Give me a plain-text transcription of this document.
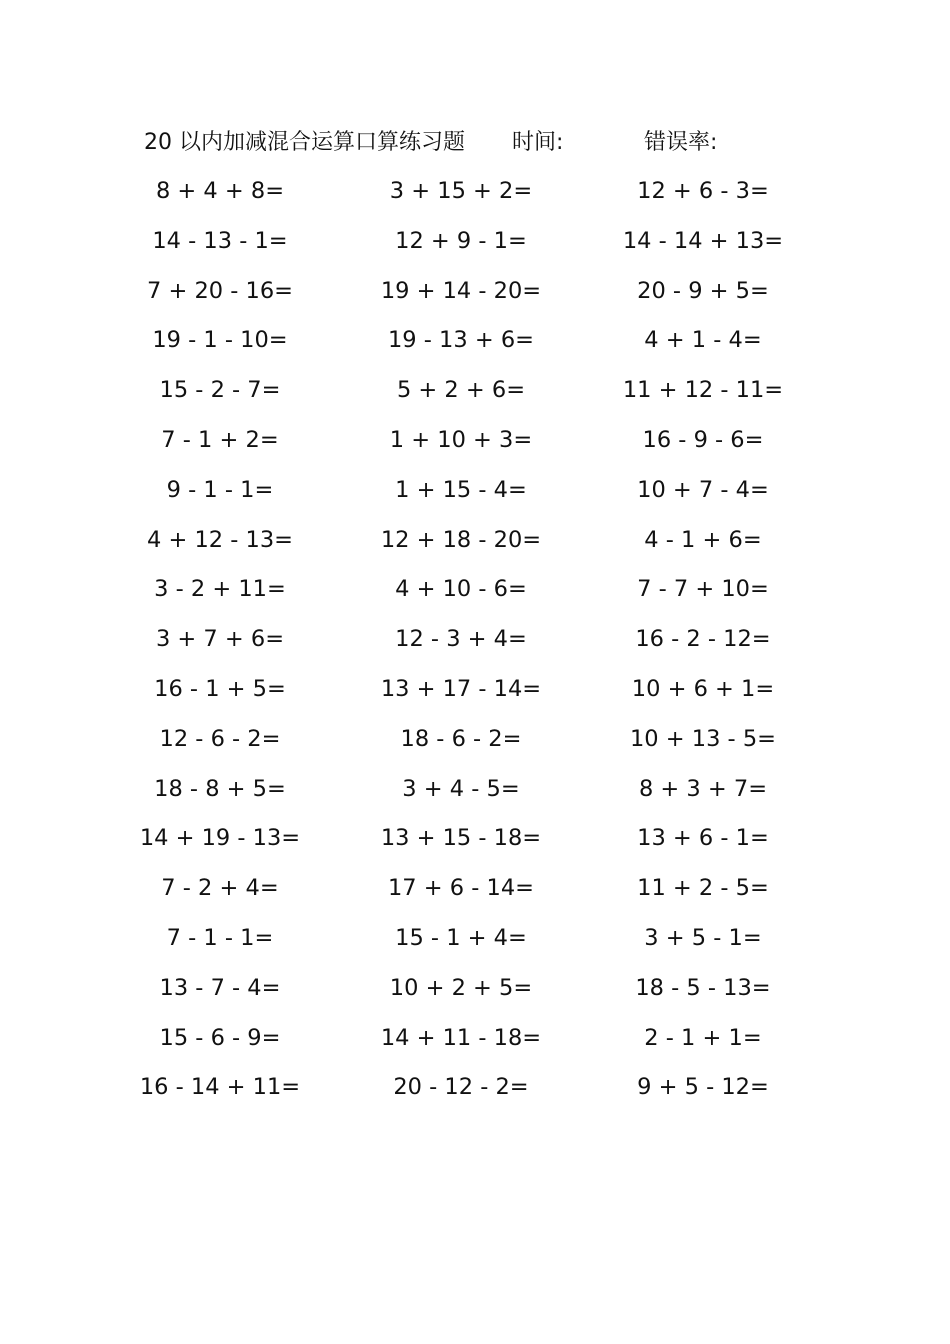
20 以内加减混合运算口算练习题 时间:	错误率:
8 + 4 + 8=	3 + 15 + 2=	12 + 6 - 3=
14 - 13 - 1=	12 + 9 - 1=	14 - 14 + 13=
7 + 20 - 16=	19 + 14 - 20=	20 - 9 + 5=
19 - 1 - 10=	19 - 13 + 6=	4 + 1 - 4=
15 - 2 - 7=	5 + 2 + 6=	11 + 12 - 11=
7 - 1 + 2=	1 + 10 + 3=	16 - 9 - 6=
9 - 1 - 1=	1 + 15 - 4=	10 + 7 - 4=
4 + 12 - 13=	12 + 18 - 20=	4 - 1 + 6=
3 - 2 + 11=	4 + 10 - 6=	7 - 7 + 10=
3 + 7 + 6=	12 - 3 + 4=	16 - 2 - 12=
16 - 1 + 5=	13 + 17 - 14=	10 + 6 + 1=
12 - 6 - 2=	18 - 6 - 2=	10 + 13 - 5=
18 - 8 + 5=	3 + 4 - 5=	8 + 3 + 7=
14 + 19 - 13=	13 + 15 - 18=	13 + 6 - 1=
7 - 2 + 4=	17 + 6 - 14=	11 + 2 - 5=
7 - 1 - 1=	15 - 1 + 4=	3 + 5 - 1=
13 - 7 - 4=	10 + 2 + 5=	18 - 5 - 13=
15 - 6 - 9=	14 + 11 - 18=	2 - 1 + 1=
16 - 14 + 11=	20 - 12 - 2=	9 + 5 - 12=
